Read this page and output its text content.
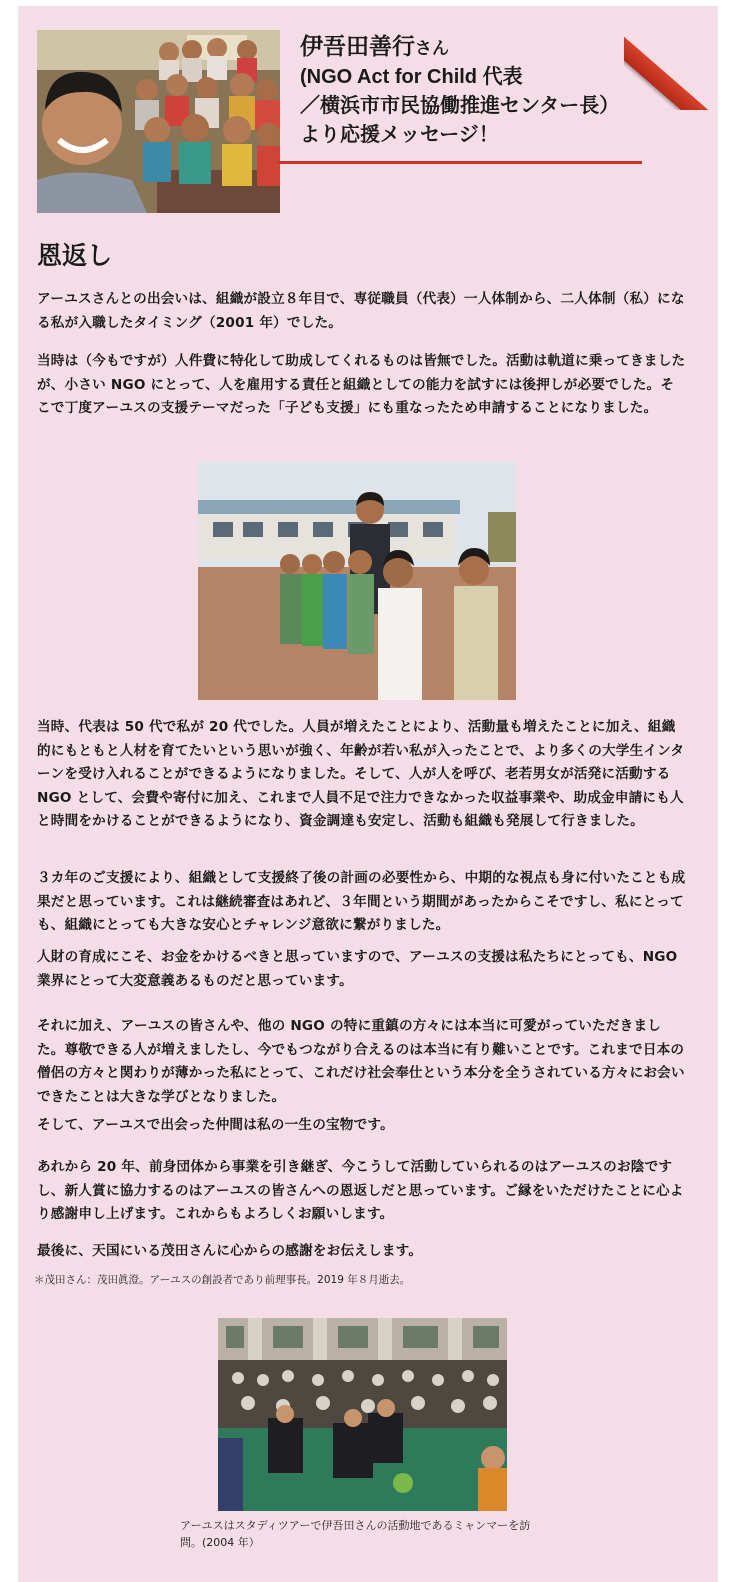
伊吾田善行さん
(NGO Act for Child 代表
／横浜市市民協働推進センター長）
より応援メッセージ！
恩返し

アーユスさんとの出会いは、組織が設立８年目で、専従職員（代表）一人体制から、二人体制（私）になる私が入職したタイミング（2001 年）でした。

当時は（今もですが）人件費に特化して助成してくれるものは皆無でした。活動は軌道に乗ってきましたが、小さい NGO にとって、人を雇用する責任と組織としての能力を試すには後押しが必要でした。そこで丁度アーユスの支援テーマだった「子ども支援」にも重なったため申請することになりました。

当時、代表は 50 代で私が 20 代でした。人員が増えたことにより、活動量も増えたことに加え、組織的にもともと人材を育てたいという思いが強く、年齢が若い私が入ったことで、より多くの大学生インターンを受け入れることができるようになりました。そして、人が人を呼び、老若男女が活発に活動する NGO として、会費や寄付に加え、これまで人員不足で注力できなかった収益事業や、助成金申請にも人と時間をかけることができるようになり、資金調達も安定し、活動も組織も発展して行きました。

３カ年のご支援により、組織として支援終了後の計画の必要性から、中期的な視点も身に付いたことも成果だと思っています。これは継続審査はあれど、３年間という期間があったからこそですし、私にとっても、組織にとっても大きな安心とチャレンジ意欲に繋がりました。

人財の育成にこそ、お金をかけるべきと思っていますので、アーユスの支援は私たちにとっても、NGO 業界にとって大変意義あるものだと思っています。

それに加え、アーユスの皆さんや、他の NGO の特に重鎮の方々には本当に可愛がっていただきました。尊敬できる人が増えましたし、今でもつながり合えるのは本当に有り難いことです。これまで日本の僧侶の方々と関わりが薄かった私にとって、これだけ社会奉仕という本分を全うされている方々にお会いできたことは大きな学びとなりました。

そして、アーユスで出会った仲間は私の一生の宝物です。

あれから 20 年、前身団体から事業を引き継ぎ、今こうして活動していられるのはアーユスのお陰ですし、新人賞に協力するのはアーユスの皆さんへの恩返しだと思っています。ご縁をいただけたことに心より感謝申し上げます。これからもよろしくお願いします。

最後に、天国にいる茂田さんに心からの感謝をお伝えします。

＊茂田さん：茂田眞澄。アーユスの創設者であり前理事長。2019 年８月逝去。
アーユスはスタディツアーで伊吾田さんの活動地であるミャンマーを訪問。(2004 年）
